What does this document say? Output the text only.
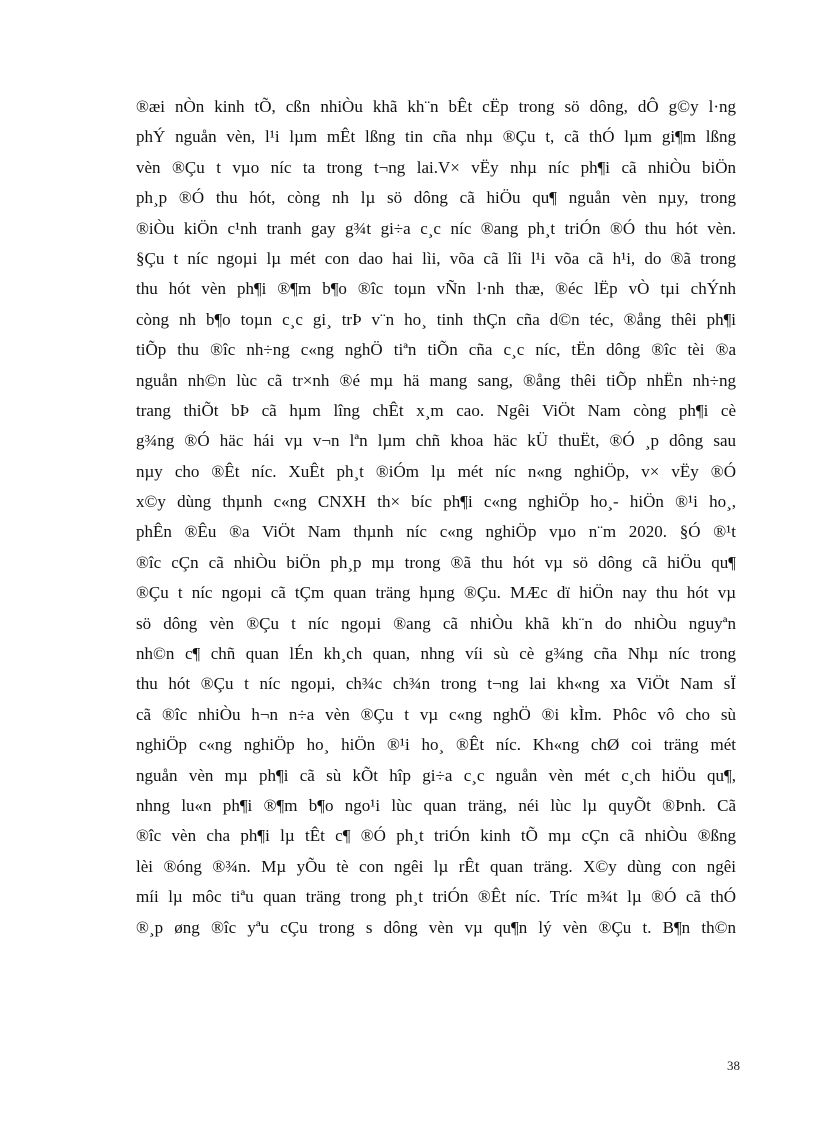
®æi nÒn kinh tÕ, cßn nhiÒu khã kh¨n bÊt cËp trong sö dông, dÔ g©y l·ng
phÝ nguån vèn, l¹i lµm mÊt lßng tin cña nhµ ®Çu t, cã thÓ lµm gi¶m lßng
vèn ®Çu t vµo níc ta trong t¬ng lai.V× vËy nhµ níc ph¶i cã nhiÒu biÖn
ph¸p ®Ó thu hót, còng nh lµ sö dông cã hiÖu qu¶ nguån vèn nµy, trong
®iÒu kiÖn c¹nh tranh gay g¾t gi÷a c¸c níc ®ang ph¸t triÓn ®Ó thu hót vèn.
§Çu t níc ngoµi lµ mét con dao hai lìi, võa cã lîi l¹i võa cã h¹i, do ®ã trong
thu hót vèn ph¶i ®¶m b¶o ®îc toµn vÑn l·nh thæ, ®éc lËp vÒ tµi chÝnh
còng nh b¶o toµn c¸c gi¸ trÞ v¨n ho¸ tinh thÇn cña d©n téc, ®ång thêi ph¶i
tiÕp thu ®îc nh÷ng c«ng nghÖ tiªn tiÕn cña c¸c níc, tËn dông ®îc tèi ®a
nguån nh©n lùc cã tr×nh ®é mµ hä mang sang, ®ång thêi tiÕp nhËn nh÷ng
trang thiÕt bÞ cã hµm lîng chÊt x¸m cao. Ngêi ViÖt Nam còng ph¶i cè
g¾ng ®Ó häc hái vµ v¬n lªn lµm chñ khoa häc kÜ thuËt, ®Ó ¸p dông sau
nµy cho ®Êt níc. XuÊt ph¸t ®iÓm lµ mét níc n«ng nghiÖp, v× vËy ®Ó
x©y dùng thµnh c«ng CNXH th× bíc ph¶i c«ng nghiÖp ho¸- hiÖn ®¹i ho¸,
phÊn ®Êu ®a ViÖt Nam thµnh níc c«ng nghiÖp vµo n¨m 2020. §Ó ®¹t
®îc cÇn cã nhiÒu biÖn ph¸p mµ trong ®ã thu hót vµ sö dông cã hiÖu qu¶
®Çu t níc ngoµi cã tÇm quan träng hµng ®Çu. MÆc dï hiÖn nay thu hót vµ
sö dông vèn ®Çu t níc ngoµi ®ang cã nhiÒu khã kh¨n do nhiÒu nguyªn
nh©n c¶ chñ quan lÉn kh¸ch quan, nhng víi sù cè g¾ng cña Nhµ níc trong
thu hót ®Çu t níc ngoµi, ch¾c ch¾n trong t¬ng lai kh«ng xa ViÖt Nam sÏ
cã ®îc nhiÒu h¬n n÷a vèn ®Çu t vµ c«ng nghÖ ®i kÌm. Phôc vô cho sù
nghiÖp c«ng nghiÖp ho¸ hiÖn ®¹i ho¸ ®Êt níc. Kh«ng chØ coi träng mét
nguån vèn mµ ph¶i cã sù kÕt hîp gi÷a c¸c nguån vèn mét c¸ch hiÖu qu¶,
nhng lu«n ph¶i ®¶m b¶o ngo¹i lùc quan träng, néi lùc lµ quyÕt ®Þnh. Cã
®îc vèn cha ph¶i lµ tÊt c¶ ®Ó ph¸t triÓn kinh tÕ mµ cÇn cã nhiÒu ®ßng
lèi ®óng ®¾n. Mµ yÕu tè con ngêi lµ rÊt quan träng. X©y dùng con ngêi
míi lµ môc tiªu quan träng trong ph¸t triÓn ®Êt níc. Tríc m¾t lµ ®Ó cã thÓ
®¸p øng ®îc yªu cÇu trong s dông vèn vµ qu¶n lý vèn ®Çu t. B¶n th©n
38
